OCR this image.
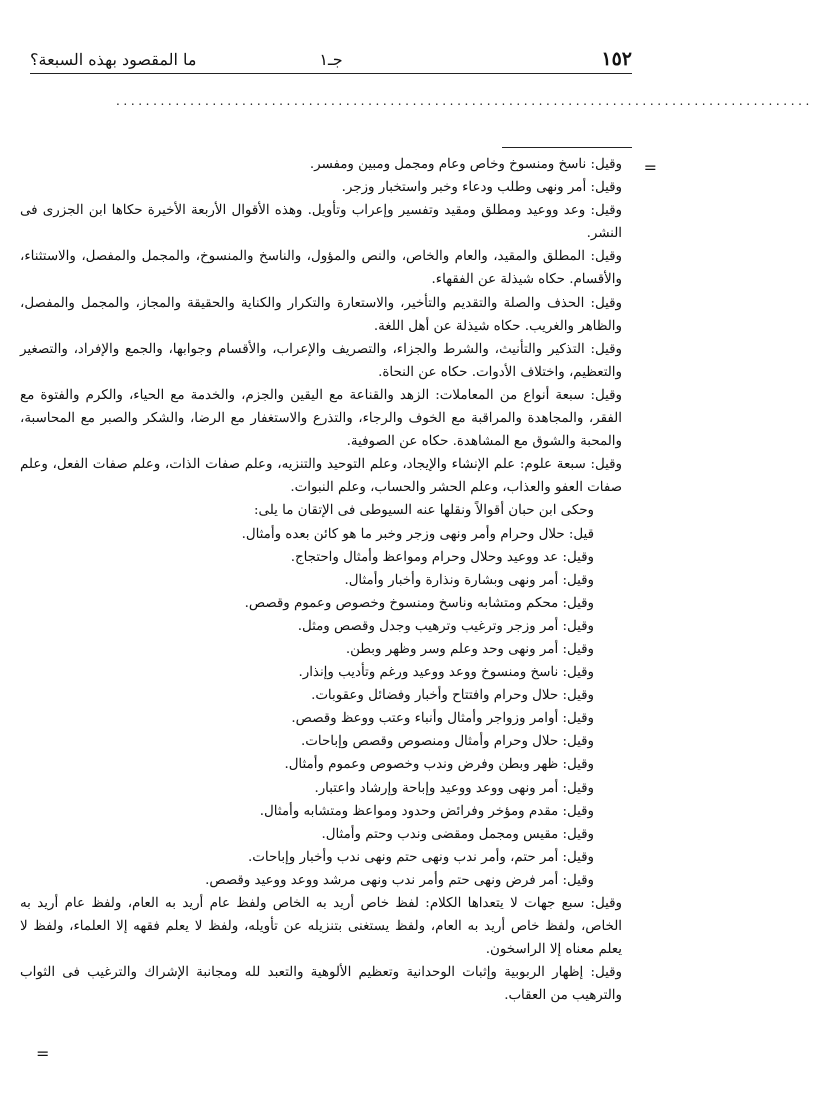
١٥٢
جـ١
ما المقصود بهذه السبعة؟
..............................................................................................
=
=

وقيل: ناسخ ومنسوخ وخاص وعام ومجمل ومبين ومفسر.

وقيل: أمر ونهى وطلب ودعاء وخبر واستخبار وزجر.

وقيل: وعد ووعيد ومطلق ومقيد وتفسير وإعراب وتأويل. وهذه الأقوال الأربعة الأخيرة حكاها ابن الجزرى فى النشر.

وقيل: المطلق والمقيد، والعام والخاص، والنص والمؤول، والناسخ والمنسوخ، والمجمل والمفصل، والاستثناء، والأقسام. حكاه شيذلة عن الفقهاء.

وقيل: الحذف والصلة والتقديم والتأخير، والاستعارة والتكرار والكناية والحقيقة والمجاز، والمجمل والمفصل، والظاهر والغريب. حكاه شيذلة عن أهل اللغة.

وقيل: التذكير والتأنيث، والشرط والجزاء، والتصريف والإعراب، والأقسام وجوابها، والجمع والإفراد، والتصغير والتعظيم، واختلاف الأدوات. حكاه عن النحاة.

وقيل: سبعة أنواع من المعاملات: الزهد والقناعة مع اليقين والجزم، والخدمة مع الحياء، والكرم والفتوة مع الفقر، والمجاهدة والمراقبة مع الخوف والرجاء، والتذرع والاستغفار مع الرضا، والشكر والصبر مع المحاسبة، والمحبة والشوق مع المشاهدة. حكاه عن الصوفية.

وقيل: سبعة علوم: علم الإنشاء والإيجاد، وعلم التوحيد والتنزيه، وعلم صفات الذات، وعلم صفات الفعل، وعلم صفات العفو والعذاب، وعلم الحشر والحساب، وعلم النبوات.

وحكى ابن حبان أقوالاً ونقلها عنه السيوطى فى الإتقان ما يلى:

قيل: حلال وحرام وأمر ونهى وزجر وخبر ما هو كائن بعده وأمثال.

وقيل: عد ووعيد وحلال وحرام ومواعظ وأمثال واحتجاج.

وقيل: أمر ونهى وبشارة ونذارة وأخبار وأمثال.

وقيل: محكم ومتشابه وناسخ ومنسوخ وخصوص وعموم وقصص.

وقيل: أمر وزجر وترغيب وترهيب وجدل وقصص ومثل.

وقيل: أمر ونهى وحد وعلم وسر وظهر وبطن.

وقيل: ناسخ ومنسوخ ووعد ووعيد ورغم وتأديب وإنذار.

وقيل: حلال وحرام وافتتاح وأخبار وفضائل وعقوبات.

وقيل: أوامر وزواجر وأمثال وأنباء وعتب ووعظ وقصص.

وقيل: حلال وحرام وأمثال ومنصوص وقصص وإباحات.

وقيل: ظهر وبطن وفرض وندب وخصوص وعموم وأمثال.

وقيل: أمر ونهى ووعد ووعيد وإباحة وإرشاد واعتبار.

وقيل: مقدم ومؤخر وفرائض وحدود ومواعظ ومتشابه وأمثال.

وقيل: مقيس ومجمل ومقضى وندب وحتم وأمثال.

وقيل: أمر حتم، وأمر ندب ونهى حتم ونهى ندب وأخبار وإباحات.

وقيل: أمر فرض ونهى حتم وأمر ندب ونهى مرشد ووعد ووعيد وقصص.

وقيل: سبع جهات لا يتعداها الكلام: لفظ خاص أريد به الخاص ولفظ عام أريد به العام، ولفظ عام أريد به الخاص، ولفظ خاص أريد به العام، ولفظ يستغنى بتنزيله عن تأويله، ولفظ لا يعلم فقهه إلا العلماء، ولفظ لا يعلم معناه إلا الراسخون.

وقيل: إظهار الربوبية وإثبات الوحدانية وتعظيم الألوهية والتعبد لله ومجانبة الإشراك والترغيب فى الثواب والترهيب من العقاب.
